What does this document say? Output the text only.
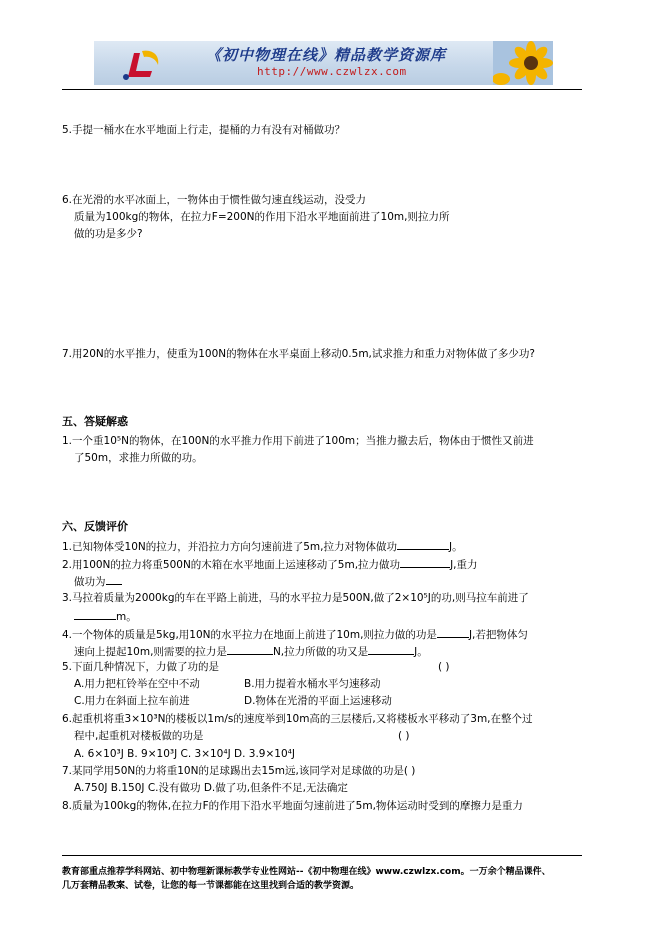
《初中物理在线》精品教学资源库
http://www.czwlzx.com
5.手提一桶水在水平地面上行走，提桶的力有没有对桶做功？
6.在光滑的水平冰面上，一物体由于惯性做匀速直线运动，没受力
质量为100kg的物体，在拉力F=200N的作用下沿水平地面前进了10m,则拉力所
做的功是多少?
7.用20N的水平推力，使重为100N的物体在水平桌面上移动0.5m,试求推力和重力对物体做了多少功?
五、答疑解惑
1.一个重10⁵N的物体，在100N的水平推力作用下前进了100m；当推力撤去后，物体由于惯性又前进
了50m，求推力所做的功。
六、反馈评价
1.已知物体受10N的拉力，并沿拉力方向匀速前进了5m,拉力对物体做功	J。
2.用100N的拉力将重500N的木箱在水平地面上运速移动了5m,拉力做功	J,重力
做功为
3.马拉着质量为2000kg的车在平路上前进，马的水平拉力是500N,做了2×10⁵J的功,则马拉车前进了
m。
4.一个物体的质量是5kg,用10N的水平拉力在地面上前进了10m,则拉力做的功是	J,若把物体匀
速向上提起10m,则需要的拉力是	N,拉力所做的功又是	J。
5.下面几种情况下，力做了功的是	( )
A.用力把杠铃举在空中不动	B.用力提着水桶水平匀速移动
C.用力在斜面上拉车前进	D.物体在光滑的平面上运速移动
6.起重机将重3×10³N的楼板以1m/s的速度举到10m高的三层楼后,又将楼板水平移动了3m,在整个过
程中,起重机对楼板做的功是	( )
A. 6×10³J B. 9×10³J C. 3×10⁴J D. 3.9×10⁴J
7.某同学用50N的力将重10N的足球踢出去15m远,该同学对足球做的功是( )
A.750J B.150J C.没有做功 D.做了功,但条件不足,无法确定
8.质量为100kg的物体,在拉力F的作用下沿水平地面匀速前进了5m,物体运动时受到的摩擦力是重力
教育部重点推荐学科网站、初中物理新课标教学专业性网站--《初中物理在线》www.czwlzx.com。一万余个精品课件、
几万套精品教案、试卷，让您的每一节课都能在这里找到合适的教学资源。
